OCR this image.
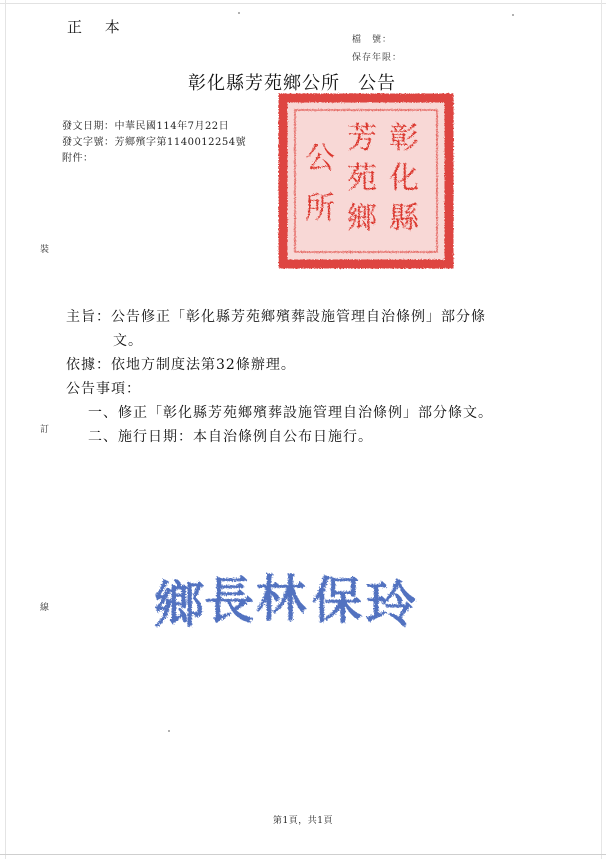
正 本
檔　號：
保存年限：
彰化縣芳苑鄉公所 公告
發文日期：中華民國114年7月22日
發文字號：芳鄉殯字第1140012254號
附件：
裝
訂
線
彰
化
縣
芳
苑
鄉
公
所
主旨：公告修正「彰化縣芳苑鄉殯葬設施管理自治條例」部分條
文。
依據：依地方制度法第32條辦理。
公告事項：
一、修正「彰化縣芳苑鄉殯葬設施管理自治條例」部分條文。
二、施行日期：本自治條例自公布日施行。
鄉 長 林 保 玲
第1頁，共1頁
